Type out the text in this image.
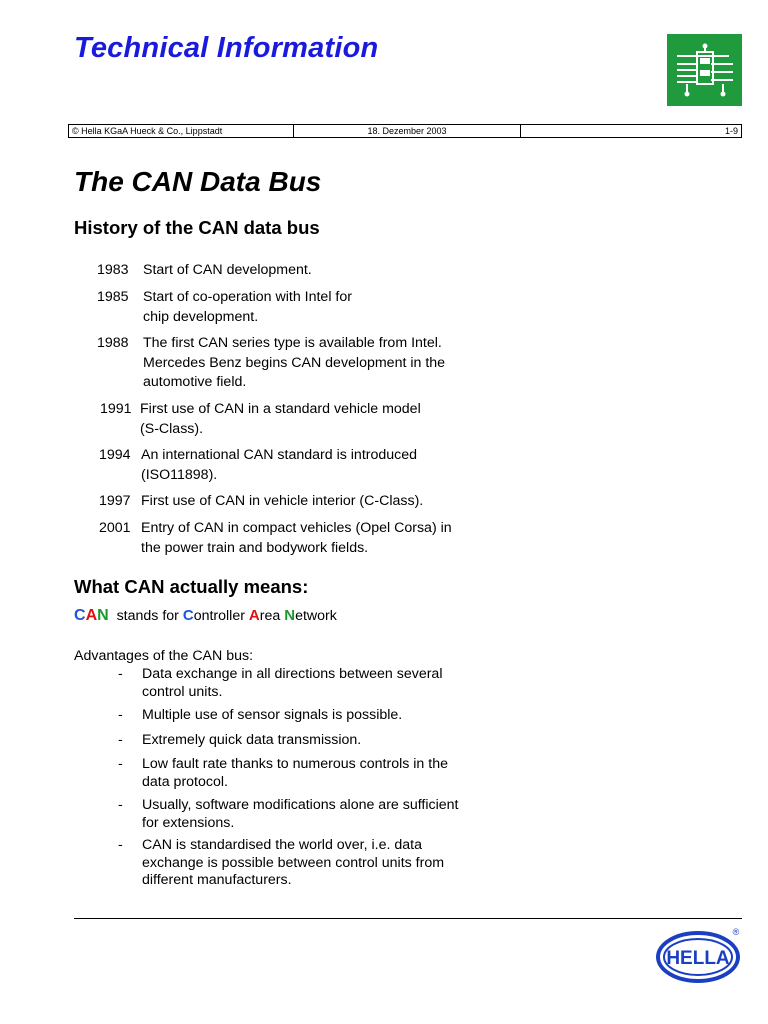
Technical Information
© Hella KGaA Hueck & Co., Lippstadt	18. Dezember 2003	1-9
The CAN Data Bus
History of the CAN data bus
1983 Start of CAN development.
1985 Start of co-operation with Intel for
chip development.
1988 The first CAN series type is available from Intel.
Mercedes Benz begins CAN development in the
automotive field.
1991 First use of CAN in a standard vehicle model
(S-Class).
1994 An international CAN standard is introduced
(ISO11898).
1997 First use of CAN in vehicle interior (C-Class).
2001 Entry of CAN in compact vehicles (Opel Corsa) in
the power train and bodywork fields.
What CAN actually means:
CAN stands for Controller Area Network
Advantages of the CAN bus:
- Data exchange in all directions between several
control units.
- Multiple use of sensor signals is possible.
- Extremely quick data transmission.
- Low fault rate thanks to numerous controls in the
data protocol.
- Usually, software modifications alone are sufficient
for extensions.
- CAN is standardised the world over, i.e. data
exchange is possible between control units from
different manufacturers.
HELLA
®
